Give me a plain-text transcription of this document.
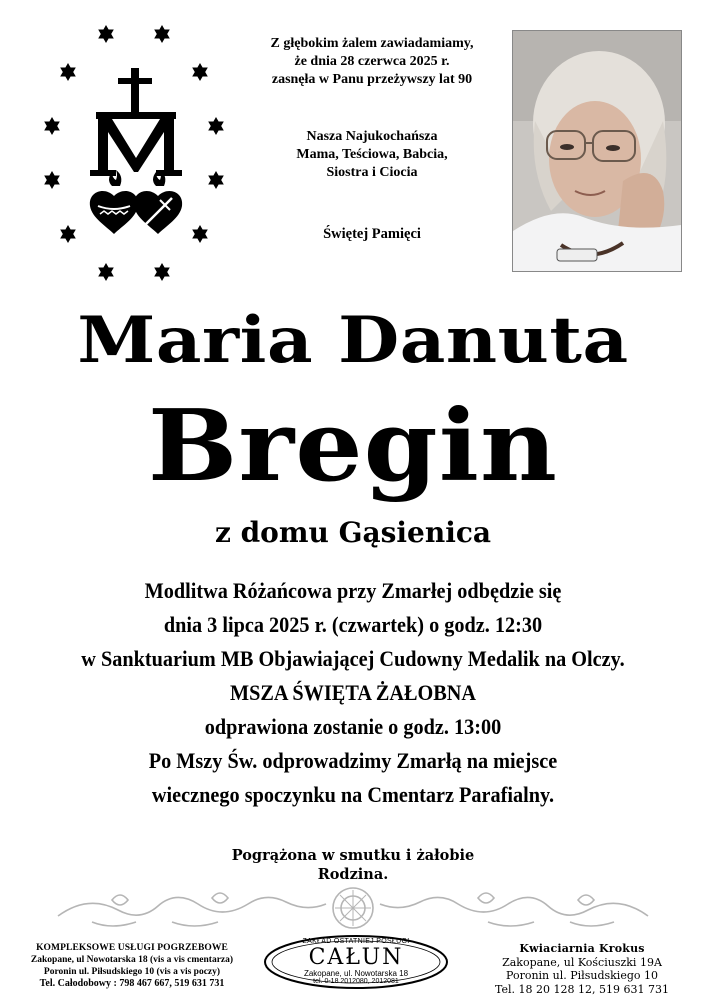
Z głębokim żalem zawiadamiamy,
że dnia 28 czerwca 2025 r.
zasnęła w Panu przeżywszy lat 90
Nasza Najukochańsza
Mama, Teściowa, Babcia,
Siostra i Ciocia
Świętej Pamięci
Maria Danuta
Bregin
z domu Gąsienica
Modlitwa Różańcowa przy Zmarłej odbędzie się
dnia 3 lipca 2025 r. (czwartek) o godz. 12:30
w Sanktuarium MB Objawiającej Cudowny Medalik na Olczy.
MSZA ŚWIĘTA ŻAŁOBNA
odprawiona zostanie o godz. 13:00
Po Mszy Św. odprowadzimy Zmarłą na miejsce
wiecznego spoczynku na Cmentarz Parafialny.
Pogrążona w smutku i żałobie
Rodzina.
KOMPLEKSOWE USŁUGI POGRZEBOWE
Zakopane, ul Nowotarska 18 (vis a vis cmentarza)
Poronin ul. Piłsudskiego 10 (vis a vis poczy)
Tel. Całodobowy : 798 467 667, 519 631 731
ZAKŁAD OSTATNIEJ POSŁUGI
CAŁUN
Zakopane, ul. Nowotarska 18
tel. 0-18 2012080, 2012081
Kwiaciarnia Krokus
Zakopane, ul Kościuszki 19A
Poronin ul. Piłsudskiego 10
Tel. 18 20 128 12, 519 631 731
